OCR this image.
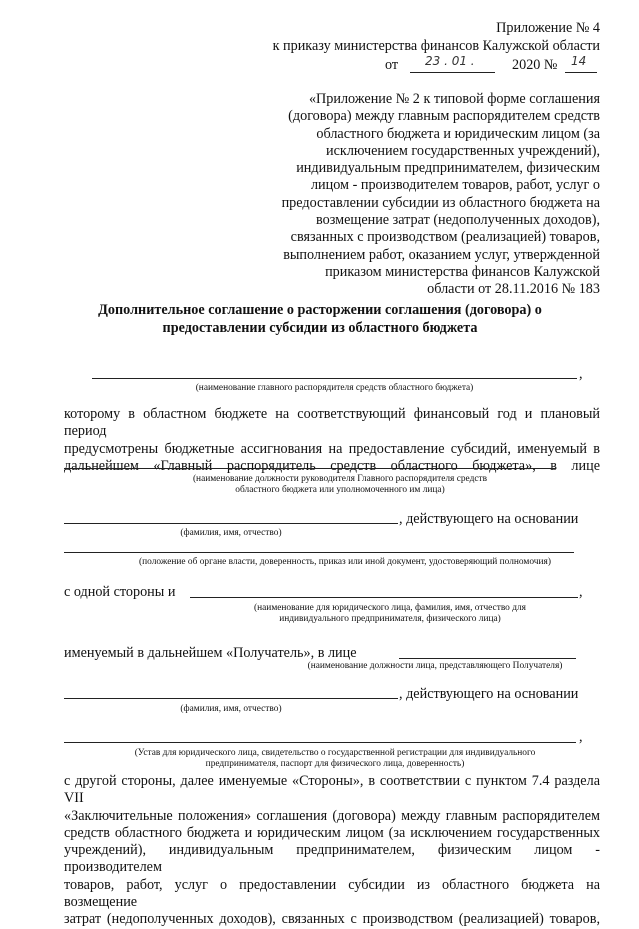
Приложение № 4
к приказу министерства финансов Калужской области
от 23 . 01 .	2020 № 14
«Приложение № 2 к типовой форме соглашения
(договора) между главным распорядителем средств
областного бюджета и юридическим лицом (за
исключением государственных учреждений),
индивидуальным предпринимателем, физическим
лицом - производителем товаров, работ, услуг о
предоставлении субсидии из областного бюджета на
возмещение затрат (недополученных доходов),
связанных с производством (реализацией) товаров,
выполнением работ, оказанием услуг, утвержденной
приказом министерства финансов Калужской
области от 28.11.2016 № 183
Дополнительное соглашение о расторжении соглашения (договора) о
предоставлении субсидии из областного бюджета
,
(наименование главного распорядителя средств областного бюджета)
которому в областном бюджете на соответствующий финансовый год и плановый период
предусмотрены бюджетные ассигнования на предоставление субсидий, именуемый в
дальнейшем «Главный распорядитель средств областного бюджета», в лице
(наименование должности руководителя Главного распорядителя средств
областного бюджета или уполномоченного им лица)
, действующего на основании
(фамилия, имя, отчество)
(положение об органе власти, доверенность, приказ или иной документ, удостоверяющий полномочия)
с одной стороны и	,
(наименование для юридического лица, фамилия, имя, отчество для
индивидуального предпринимателя, физического лица)
именуемый в дальнейшем «Получатель», в лице
(наименование должности лица, представляющего Получателя)
, действующего на основании
(фамилия, имя, отчество)
,
(Устав для юридического лица, свидетельство о государственной регистрации для индивидуального
предпринимателя, паспорт для физического лица, доверенность)
с другой стороны, далее именуемые «Стороны», в соответствии с пунктом 7.4 раздела VII
«Заключительные положения» соглашения (договора) между главным распорядителем
средств областного бюджета и юридическим лицом (за исключением государственных
учреждений), индивидуальным предпринимателем, физическим лицом - производителем
товаров, работ, услуг о предоставлении субсидии из областного бюджета на возмещение
затрат (недополученных доходов), связанных с производством (реализацией) товаров,
